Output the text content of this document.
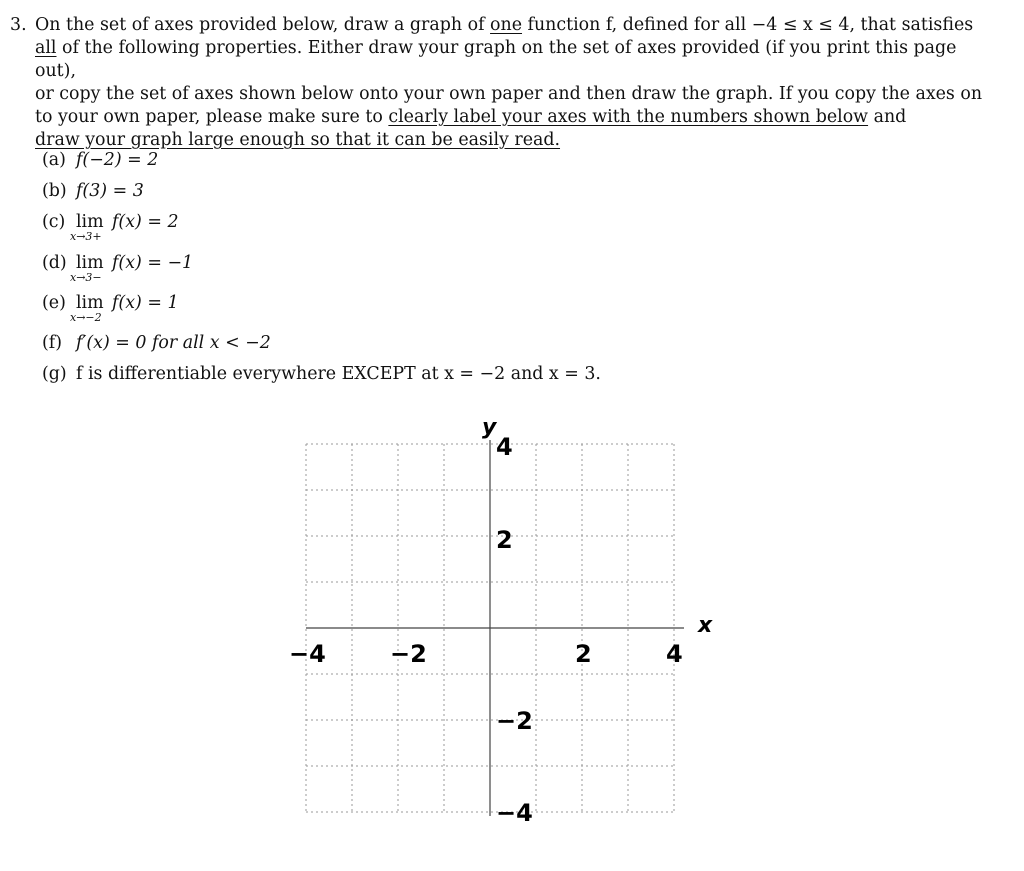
3. On the set of axes provided below, draw a graph of one function f, defined for all −4 ≤ x ≤ 4, that satisfies
all of the following properties. Either draw your graph on the set of axes provided (if you print this page out),
or copy the set of axes shown below onto your own paper and then draw the graph. If you copy the axes on
to your own paper, please make sure to clearly label your axes with the numbers shown below and
draw your graph large enough so that it can be easily read.
(a) f(−2) = 2
(b) f(3) = 3
(c) lim
x→3+
f(x) = 2
(d) lim
x→3−
f(x) = −1
(e) lim
x→−2
f(x) = 1
(f) f′(x) = 0 for all x < −2
(g) f is differentiable everywhere EXCEPT at x = −2 and x = 3.
x
y
−4	−2	2	4
4
2
−2
−4
